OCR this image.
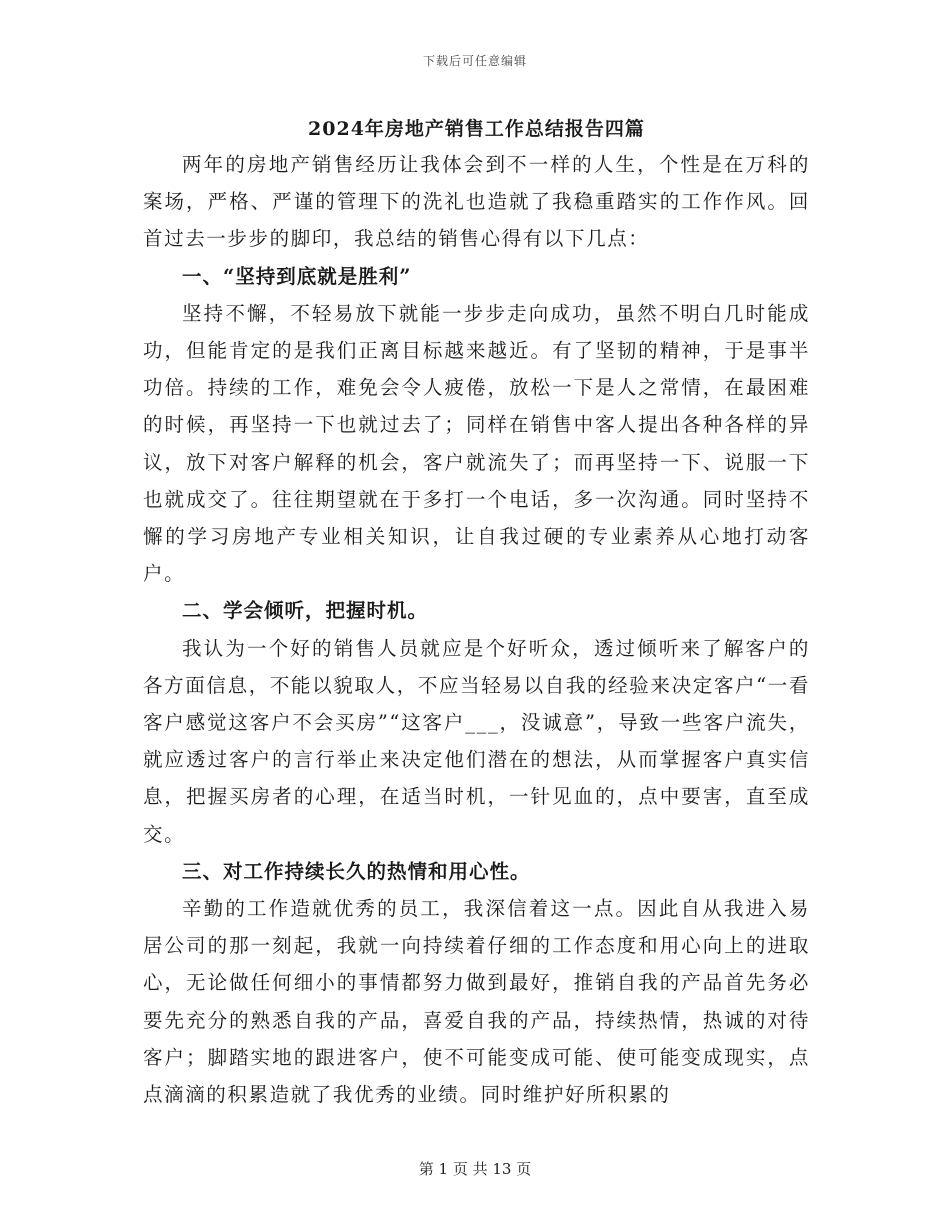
下载后可任意编辑
2024年房地产销售工作总结报告四篇

两年的房地产销售经历让我体会到不一样的人生，个性是在万科的案场，严格、严谨的管理下的洗礼也造就了我稳重踏实的工作作风。回首过去一步步的脚印，我总结的销售心得有以下几点：

一、“坚持到底就是胜利”

坚持不懈，不轻易放下就能一步步走向成功，虽然不明白几时能成功，但能肯定的是我们正离目标越来越近。有了坚韧的精神，于是事半功倍。持续的工作，难免会令人疲倦，放松一下是人之常情，在最困难的时候，再坚持一下也就过去了；同样在销售中客人提出各种各样的异议，放下对客户解释的机会，客户就流失了；而再坚持一下、说服一下也就成交了。往往期望就在于多打一个电话，多一次沟通。同时坚持不懈的学习房地产专业相关知识，让自我过硬的专业素养从心地打动客户。

二、学会倾听，把握时机。

我认为一个好的销售人员就应是个好听众，透过倾听来了解客户的各方面信息，不能以貌取人，不应当轻易以自我的经验来决定客户“一看客户感觉这客户不会买房”“这客户___，没诚意”，导致一些客户流失，就应透过客户的言行举止来决定他们潜在的想法，从而掌握客户真实信息，把握买房者的心理，在适当时机，一针见血的，点中要害，直至成交。

三、对工作持续长久的热情和用心性。

辛勤的工作造就优秀的员工，我深信着这一点。因此自从我进入易居公司的那一刻起，我就一向持续着仔细的工作态度和用心向上的进取心，无论做任何细小的事情都努力做到最好，推销自我的产品首先务必要先充分的熟悉自我的产品，喜爱自我的产品，持续热情，热诚的对待客户；脚踏实地的跟进客户，使不可能变成可能、使可能变成现实，点点滴滴的积累造就了我优秀的业绩。同时维护好所积累的

第 1 页 共 13 页
